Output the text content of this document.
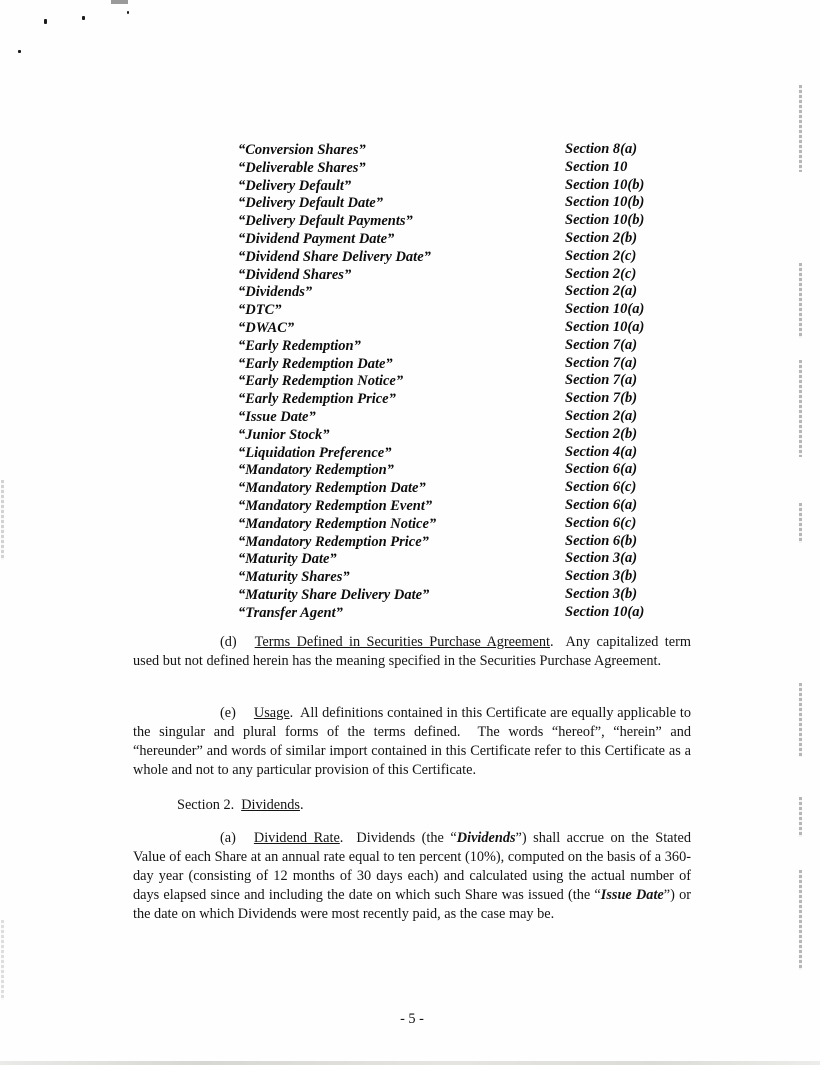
“Conversion Shares”	Section 8(a)
“Deliverable Shares”	Section 10
“Delivery Default”	Section 10(b)
“Delivery Default Date”	Section 10(b)
“Delivery Default Payments”	Section 10(b)
“Dividend Payment Date”	Section 2(b)
“Dividend Share Delivery Date”	Section 2(c)
“Dividend Shares”	Section 2(c)
“Dividends”	Section 2(a)
“DTC”	Section 10(a)
“DWAC”	Section 10(a)
“Early Redemption”	Section 7(a)
“Early Redemption Date”	Section 7(a)
“Early Redemption Notice”	Section 7(a)
“Early Redemption Price”	Section 7(b)
“Issue Date”	Section 2(a)
“Junior Stock”	Section 2(b)
“Liquidation Preference”	Section 4(a)
“Mandatory Redemption”	Section 6(a)
“Mandatory Redemption Date”	Section 6(c)
“Mandatory Redemption Event”	Section 6(a)
“Mandatory Redemption Notice”	Section 6(c)
“Mandatory Redemption Price”	Section 6(b)
“Maturity Date”	Section 3(a)
“Maturity Shares”	Section 3(b)
“Maturity Share Delivery Date”	Section 3(b)
“Transfer Agent”	Section 10(a)

(d) Terms Defined in Securities Purchase Agreement.  Any capitalized term used but not defined herein has the meaning specified in the Securities Purchase Agreement.

(e) Usage.  All definitions contained in this Certificate are equally applicable to the singular and plural forms of the terms defined.  The words “hereof”, “herein” and “hereunder” and words of similar import contained in this Certificate refer to this Certificate as a whole and not to any particular provision of this Certificate.

Section 2. Dividends.

(a) Dividend Rate.  Dividends (the “Dividends”) shall accrue on the Stated Value of each Share at an annual rate equal to ten percent (10%), computed on the basis of a 360-day year (consisting of 12 months of 30 days each) and calculated using the actual number of days elapsed since and including the date on which such Share was issued (the “Issue Date”) or the date on which Dividends were most recently paid, as the case may be.

- 5 -
